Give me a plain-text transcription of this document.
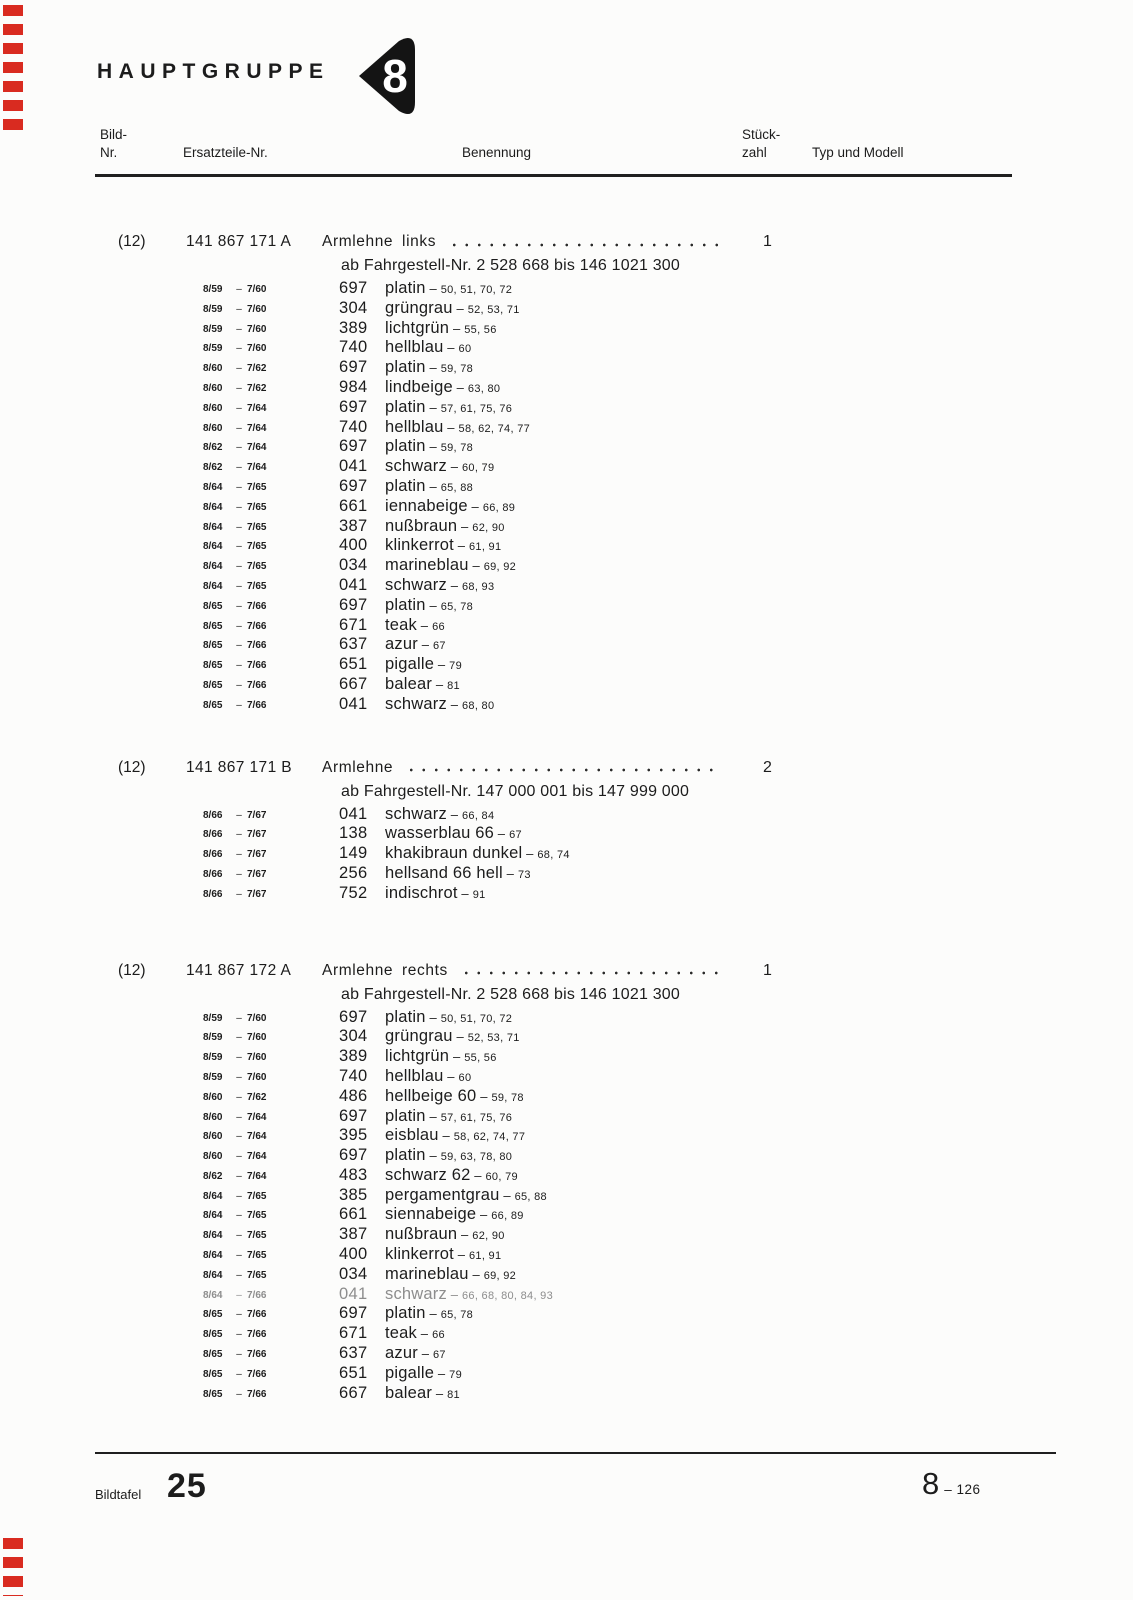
HAUPTGRUPPE 8
Bild-
Nr.	Ersatzteile-Nr.	Benennung
Stück-
zahl	Typ und Modell
(12)	141 867 171 A Armlehne links	1
ab Fahrgestell-Nr. 2 528 668 bis 146 1021 300
8/59 – 7/60	697 platin – 50, 51, 70, 72
8/59 – 7/60	304 grüngrau – 52, 53, 71
8/59 – 7/60	389 lichtgrün – 55, 56
8/59 – 7/60	740 hellblau – 60
8/60 – 7/62	697 platin – 59, 78
8/60 – 7/62	984 lindbeige – 63, 80
8/60 – 7/64	697 platin – 57, 61, 75, 76
8/60 – 7/64	740 hellblau – 58, 62, 74, 77
8/62 – 7/64	697 platin – 59, 78
8/62 – 7/64	041 schwarz – 60, 79
8/64 – 7/65	697 platin – 65, 88
8/64 – 7/65	661 iennabeige – 66, 89
8/64 – 7/65	387 nußbraun – 62, 90
8/64 – 7/65	400 klinkerrot – 61, 91
8/64 – 7/65	034 marineblau – 69, 92
8/64 – 7/65	041 schwarz – 68, 93
8/65 – 7/66	697 platin – 65, 78
8/65 – 7/66	671 teak – 66
8/65 – 7/66	637 azur – 67
8/65 – 7/66	651 pigalle – 79
8/65 – 7/66	667 balear – 81
8/65 – 7/66	041 schwarz – 68, 80
(12)	141 867 171 B Armlehne	2
ab Fahrgestell-Nr. 147 000 001 bis 147 999 000
8/66 – 7/67	041 schwarz – 66, 84
8/66 – 7/67	138 wasserblau 66 – 67
8/66 – 7/67	149 khakibraun dunkel – 68, 74
8/66 – 7/67	256 hellsand 66 hell – 73
8/66 – 7/67	752 indischrot – 91
(12)	141 867 172 A Armlehne rechts	1
ab Fahrgestell-Nr. 2 528 668 bis 146 1021 300
8/59 – 7/60	697 platin – 50, 51, 70, 72
8/59 – 7/60	304 grüngrau – 52, 53, 71
8/59 – 7/60	389 lichtgrün – 55, 56
8/59 – 7/60	740 hellblau – 60
8/60 – 7/62	486 hellbeige 60 – 59, 78
8/60 – 7/64	697 platin – 57, 61, 75, 76
8/60 – 7/64	395 eisblau – 58, 62, 74, 77
8/60 – 7/64	697 platin – 59, 63, 78, 80
8/62 – 7/64	483 schwarz 62 – 60, 79
8/64 – 7/65	385 pergamentgrau – 65, 88
8/64 – 7/65	661 siennabeige – 66, 89
8/64 – 7/65	387 nußbraun – 62, 90
8/64 – 7/65	400 klinkerrot – 61, 91
8/64 – 7/65	034 marineblau – 69, 92
8/64 – 7/66	041 schwarz – 66, 68, 80, 84, 93
8/65 – 7/66	697 platin – 65, 78
8/65 – 7/66	671 teak – 66
8/65 – 7/66	637 azur – 67
8/65 – 7/66	651 pigalle – 79
8/65 – 7/66	667 balear – 81
Bildtafel 25	8 – 126
